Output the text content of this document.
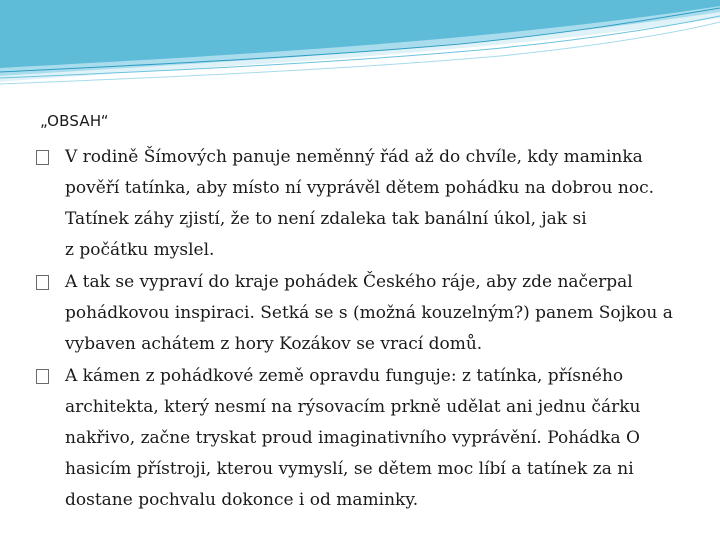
„OBSAH“
V rodině Šímových panuje neměnný řád až do chvíle, kdy maminka
pověří tatínka, aby místo ní vyprávěl dětem pohádku na dobrou noc.
Tatínek záhy zjistí, že to není zdaleka tak banální úkol, jak si
z počátku myslel.
A tak se vypraví do kraje pohádek Českého ráje, aby zde načerpal
pohádkovou inspiraci. Setká se s (možná kouzelným?) panem Sojkou a
vybaven achátem z hory Kozákov se vrací domů.
A kámen z pohádkové země opravdu funguje: z tatínka, přísného
architekta, který nesmí na rýsovacím prkně udělat ani jednu čárku
nakřivo, začne tryskat proud imaginativního vyprávění. Pohádka O
hasicím přístroji, kterou vymyslí, se dětem moc líbí a tatínek za ni
dostane pochvalu dokonce i od maminky.
